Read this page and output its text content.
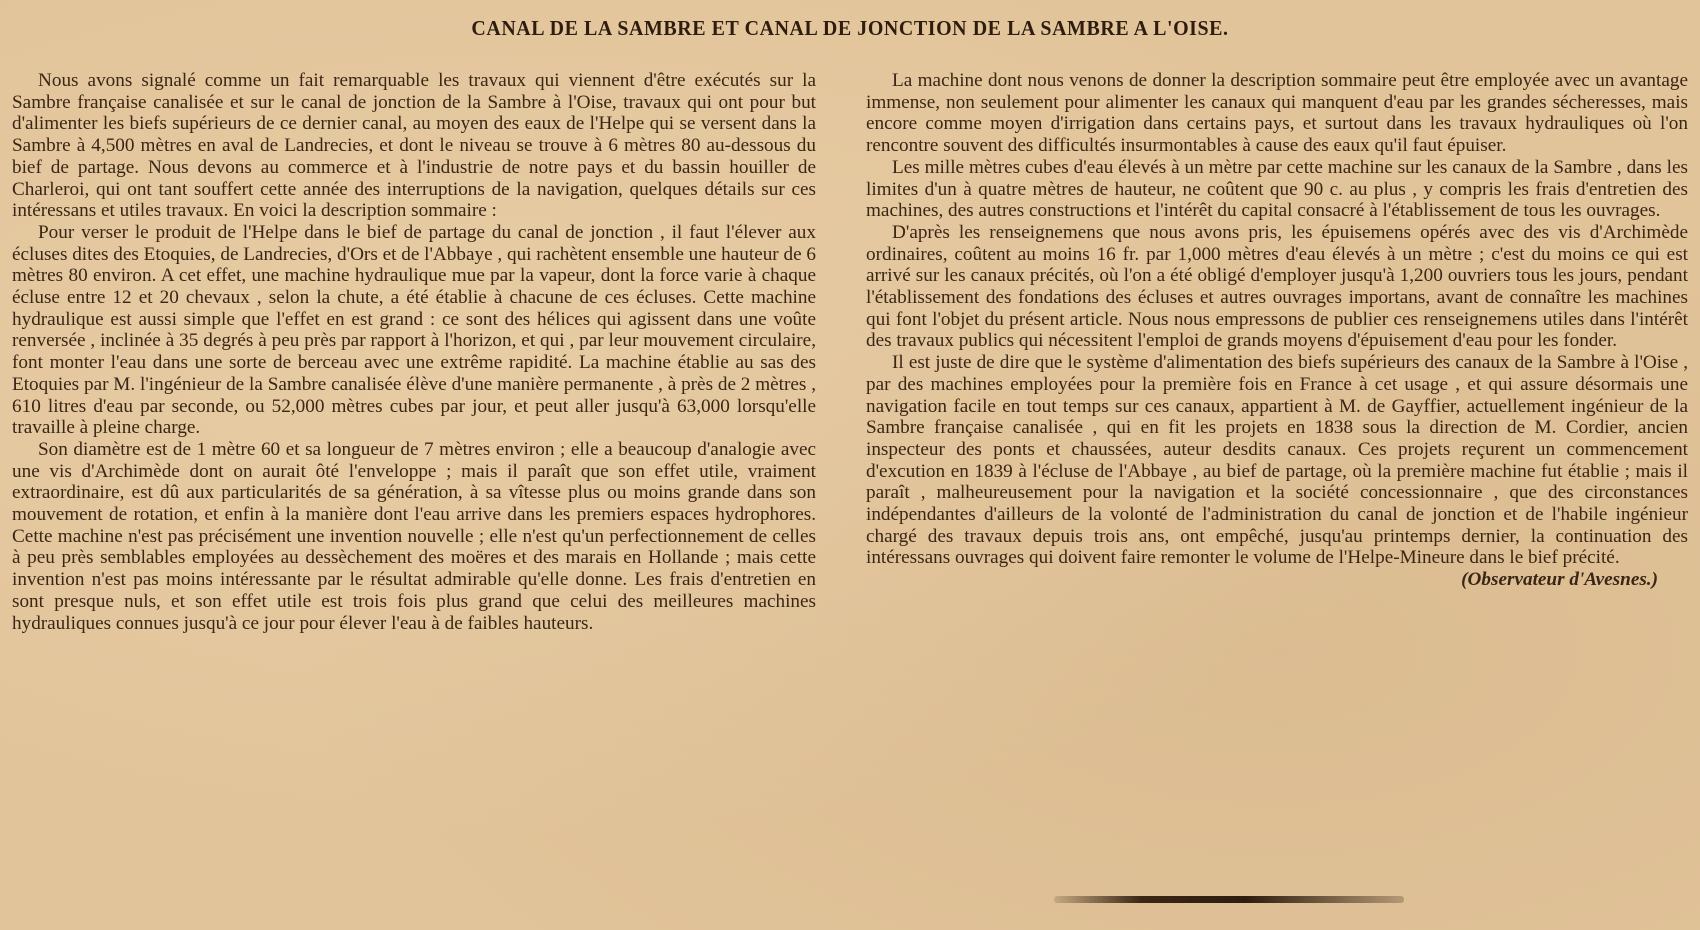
CANAL DE LA SAMBRE ET CANAL DE JONCTION DE LA SAMBRE A L'OISE.

Nous avons signalé comme un fait remarquable les travaux qui viennent d'être exécutés sur la Sambre française canalisée et sur le canal de jonction de la Sambre à l'Oise, travaux qui ont pour but d'alimenter les biefs supérieurs de ce dernier canal, au moyen des eaux de l'Helpe qui se versent dans la Sambre à 4,500 mètres en aval de Landrecies, et dont le niveau se trouve à 6 mètres 80 au-dessous du bief de partage. Nous devons au commerce et à l'industrie de notre pays et du bassin houiller de Charleroi, qui ont tant souffert cette année des interruptions de la navigation, quelques détails sur ces intéressans et utiles travaux. En voici la description sommaire :

Pour verser le produit de l'Helpe dans le bief de partage du canal de jonction , il faut l'élever aux écluses dites des Etoquies, de Landrecies, d'Ors et de l'Abbaye , qui rachètent ensemble une hauteur de 6 mètres 80 environ. A cet effet, une machine hydraulique mue par la vapeur, dont la force varie à chaque écluse entre 12 et 20 chevaux , selon la chute, a été établie à chacune de ces écluses. Cette machine hydraulique est aussi simple que l'effet en est grand : ce sont des hélices qui agissent dans une voûte renversée , inclinée à 35 degrés à peu près par rapport à l'horizon, et qui , par leur mouvement circulaire, font monter l'eau dans une sorte de berceau avec une extrême rapidité. La machine établie au sas des Etoquies par M. l'ingénieur de la Sambre canalisée élève d'une manière permanente , à près de 2 mètres , 610 litres d'eau par seconde, ou 52,000 mètres cubes par jour, et peut aller jusqu'à 63,000 lorsqu'elle travaille à pleine charge.

Son diamètre est de 1 mètre 60 et sa longueur de 7 mètres environ ; elle a beaucoup d'analogie avec une vis d'Archimède dont on aurait ôté l'enveloppe ; mais il paraît que son effet utile, vraiment extraordinaire, est dû aux particularités de sa génération, à sa vîtesse plus ou moins grande dans son mouvement de rotation, et enfin à la manière dont l'eau arrive dans les premiers espaces hydrophores. Cette machine n'est pas précisément une invention nouvelle ; elle n'est qu'un perfectionnement de celles à peu près semblables employées au dessèchement des moëres et des marais en Hollande ; mais cette invention n'est pas moins intéressante par le résultat admirable qu'elle donne. Les frais d'entretien en sont presque nuls, et son effet utile est trois fois plus grand que celui des meilleures machines hydrauliques connues jusqu'à ce jour pour élever l'eau à de faibles hauteurs.

La machine dont nous venons de donner la description sommaire peut être employée avec un avantage immense, non seulement pour alimenter les canaux qui manquent d'eau par les grandes sécheresses, mais encore comme moyen d'irrigation dans certains pays, et surtout dans les travaux hydrauliques où l'on rencontre souvent des difficultés insurmontables à cause des eaux qu'il faut épuiser.

Les mille mètres cubes d'eau élevés à un mètre par cette machine sur les canaux de la Sambre , dans les limites d'un à quatre mètres de hauteur, ne coûtent que 90 c. au plus , y compris les frais d'entretien des machines, des autres constructions et l'intérêt du capital consacré à l'établissement de tous les ouvrages.

D'après les renseignemens que nous avons pris, les épuisemens opérés avec des vis d'Archimède ordinaires, coûtent au moins 16 fr. par 1,000 mètres d'eau élevés à un mètre ; c'est du moins ce qui est arrivé sur les canaux précités, où l'on a été obligé d'employer jusqu'à 1,200 ouvriers tous les jours, pendant l'établissement des fondations des écluses et autres ouvrages importans, avant de connaître les machines qui font l'objet du présent article. Nous nous empressons de publier ces renseignemens utiles dans l'intérêt des travaux publics qui nécessitent l'emploi de grands moyens d'épuisement d'eau pour les fonder.

Il est juste de dire que le système d'alimentation des biefs supérieurs des canaux de la Sambre à l'Oise , par des machines employées pour la première fois en France à cet usage , et qui assure désormais une navigation facile en tout temps sur ces canaux, appartient à M. de Gayffier, actuellement ingénieur de la Sambre française canalisée , qui en fit les projets en 1838 sous la direction de M. Cordier, ancien inspecteur des ponts et chaussées, auteur desdits canaux. Ces projets reçurent un commencement d'excution en 1839 à l'écluse de l'Abbaye , au bief de partage, où la première machine fut établie ; mais il paraît , malheureusement pour la navigation et la société concessionnaire , que des circonstances indépendantes d'ailleurs de la volonté de l'administration du canal de jonction et de l'habile ingénieur chargé des travaux depuis trois ans, ont empêché, jusqu'au printemps dernier, la continuation des intéressans ouvrages qui doivent faire remonter le volume de l'Helpe-Mineure dans le bief précité.

(Observateur d'Avesnes.)
